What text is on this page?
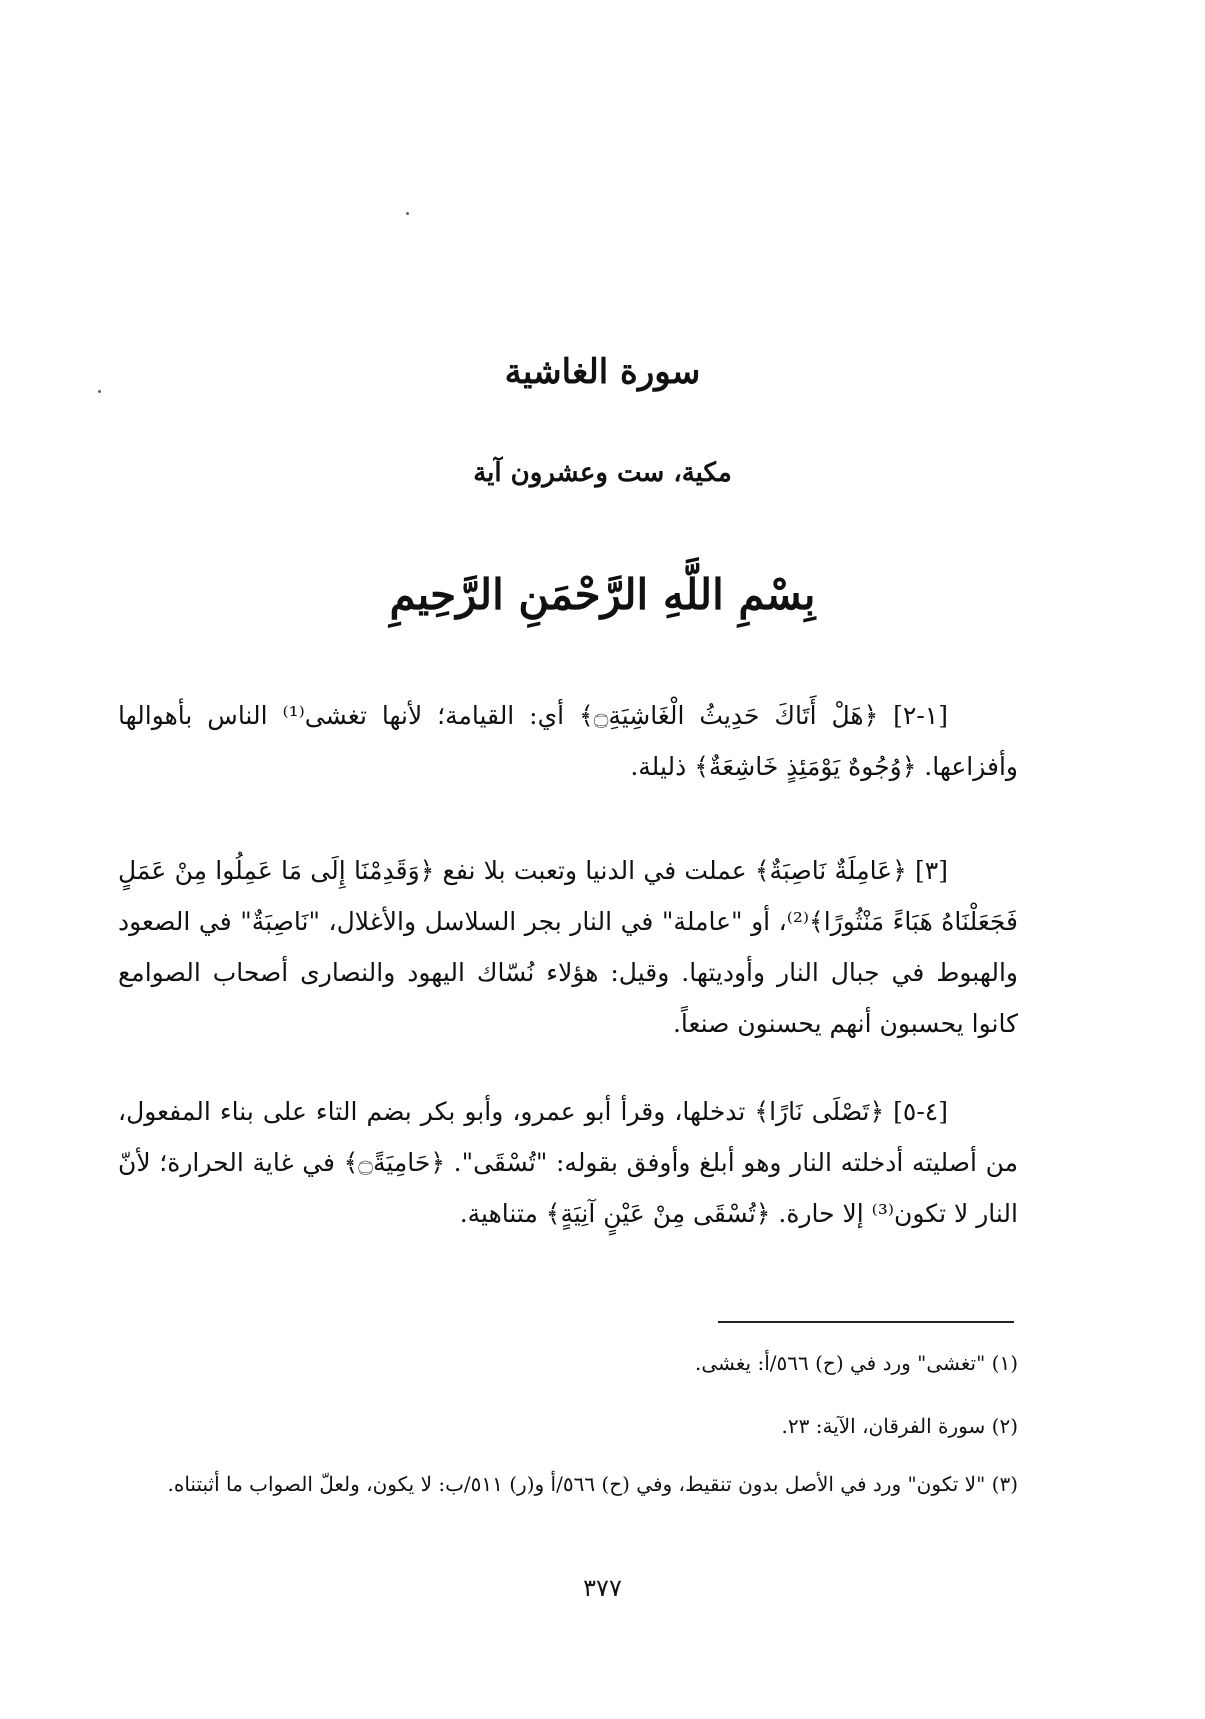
سورة الغاشية
مكية، ست وعشرون آية
بِسْمِ اللَّهِ الرَّحْمَنِ الرَّحِيمِ

[١-٢] ﴿هَلْ أَتَاكَ حَدِيثُ الْغَاشِيَةِ۝﴾ أي: القيامة؛ لأنها تغشى⁽¹⁾ الناس بأهوالها وأفزاعها. ﴿وُجُوهٌ يَوْمَئِذٍ خَاشِعَةٌ﴾ ذليلة.

[٣] ﴿عَامِلَةٌ نَاصِبَةٌ﴾ عملت في الدنيا وتعبت بلا نفع ﴿وَقَدِمْنَا إِلَى مَا عَمِلُوا مِنْ عَمَلٍ فَجَعَلْنَاهُ هَبَاءً مَنْثُورًا﴾⁽²⁾، أو "عاملة" في النار بجر السلاسل والأغلال، "نَاصِبَةٌ" في الصعود والهبوط في جبال النار وأوديتها. وقيل: هؤلاء نُسّاك اليهود والنصارى أصحاب الصوامع كانوا يحسبون أنهم يحسنون صنعاً.

[٤-٥] ﴿تَصْلَى نَارًا﴾ تدخلها، وقرأ أبو عمرو، وأبو بكر بضم التاء على بناء المفعول، من أصليته أدخلته النار وهو أبلغ وأوفق بقوله: "تُسْقَى". ﴿حَامِيَةً۝﴾ في غاية الحرارة؛ لأنّ النار لا تكون⁽³⁾ إلا حارة. ﴿تُسْقَى مِنْ عَيْنٍ آنِيَةٍ﴾ متناهية.

(١) "تغشى" ورد في (ح) ٥٦٦/أ: يغشى.

(٢) سورة الفرقان، الآية: ٢٣.

(٣) "لا تكون" ورد في الأصل بدون تنقيط، وفي (ح) ٥٦٦/أ و(ر) ٥١١/ب: لا يكون، ولعلّ الصواب ما أثبتناه.

٣٧٧
